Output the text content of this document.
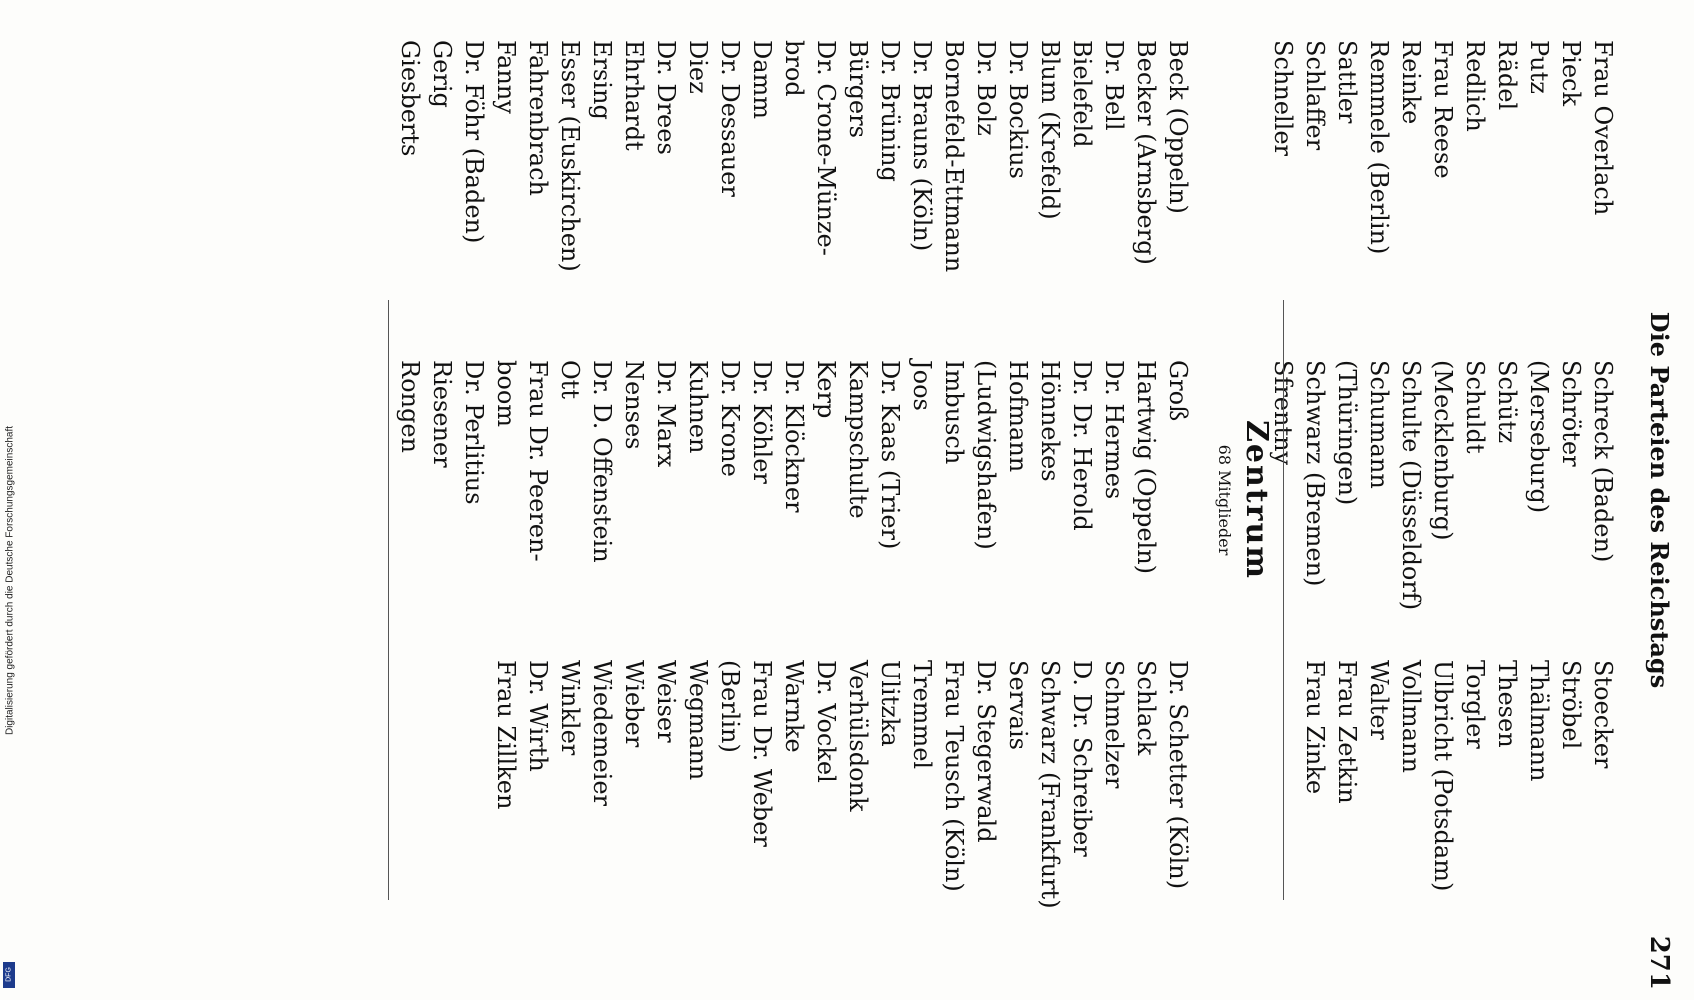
Die Parteien des Reichstags
271
Frau Overlach
Pieck
Putz
Rädel
Redlich
Frau Reese
Reinke
Remmele (Berlin)
Sattler
Schlaffer
Schneller
Schreck (Baden)
Schröter
(Merseburg)
Schütz
Schuldt
(Mecklenburg)
Schulte (Düsseldorf)
Schumann
(Thüringen)
Schwarz (Bremen)
Sfrentny
Stoecker
Ströbel
Thälmann
Thesen
Torgler
Ulbricht (Potsdam)
Vollmann
Walter
Frau Zetkin
Frau Zinke
Zentrum
68 Mitglieder
Beck (Oppeln)
Becker (Arnsberg)
Dr. Bell
Bielefeld
Blum (Krefeld)
Dr. Bockius
Dr. Bolz
Bornefeld-Ettmann
Dr. Brauns (Köln)
Dr. Brüning
Bürgers
Dr. Crone-Münze-
brod
Damm
Dr. Dessauer
Diez
Dr. Drees
Ehrhardt
Ersing
Esser (Euskirchen)
Fahrenbrach
Fanny
Dr. Föhr (Baden)
Gerig
Giesberts
Groß
Hartwig (Oppeln)
Dr. Hermes
Dr. Dr. Herold
Hönnekes
Hofmann
(Ludwigshafen)
Imbusch
Joos
Dr. Kaas (Trier)
Kampschulte
Kerp
Dr. Klöckner
Dr. Köhler
Dr. Krone
Kuhnen
Dr. Marx
Nenses
Dr. D. Offenstein
Ott
Frau Dr. Peeren-
boom
Dr. Perlitius
Riesener
Rongen
Dr. Schetter (Köln)
Schlack
Schmelzer
D. Dr. Schreiber
Schwarz (Frankfurt)
Servais
Dr. Stegerwald
Frau Teusch (Köln)
Tremmel
Ulitzka
Verhülsdonk
Dr. Vockel
Warnke
Frau Dr. Weber
(Berlin)
Wegmann
Weiser
Wieber
Wiedemeier
Winkler
Dr. Wirth
Frau Zillken
Digitalisierung gefördert durch die Deutsche Forschungsgemeinschaft
DFG
